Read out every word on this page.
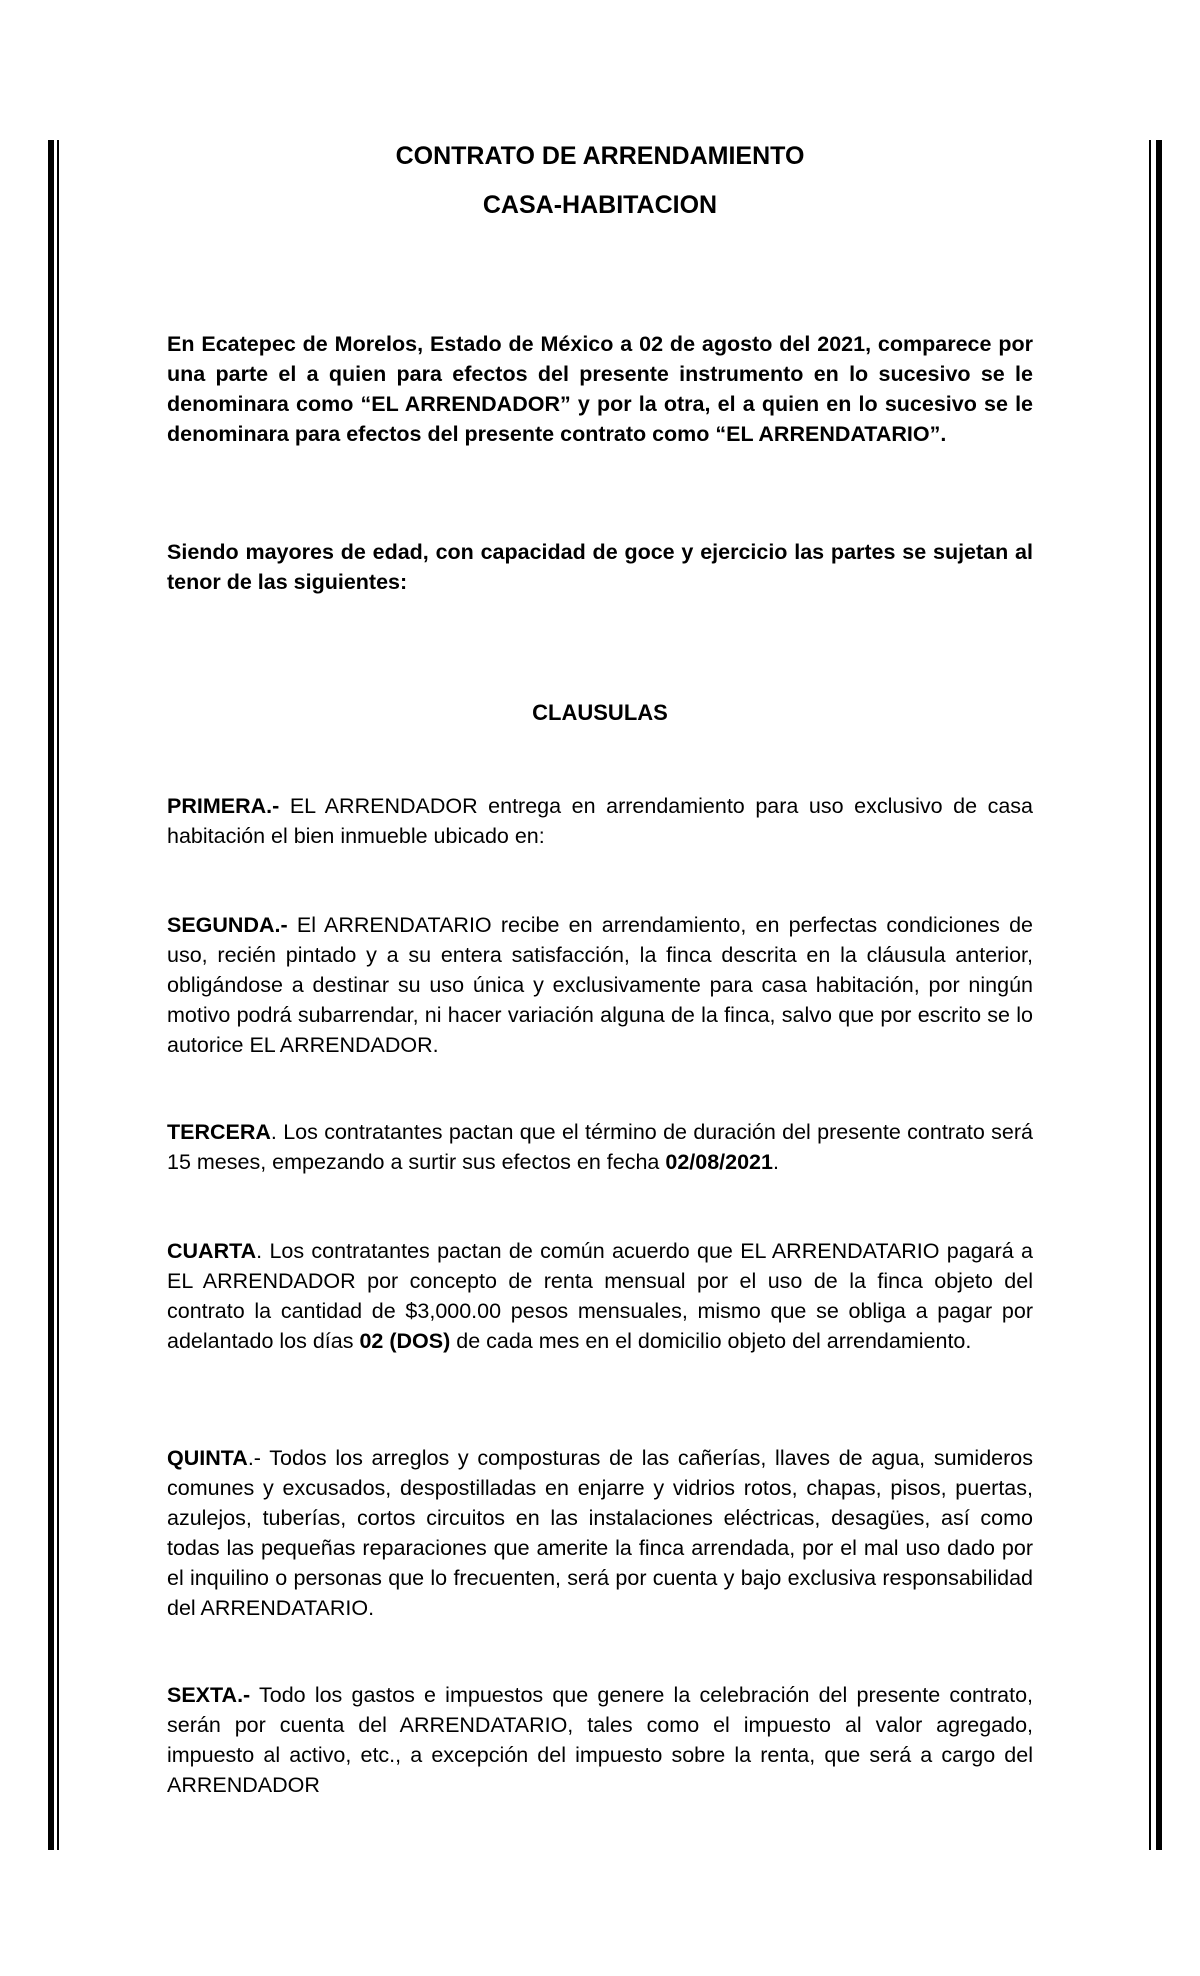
CONTRATO DE ARRENDAMIENTO
CASA-HABITACION
En Ecatepec de Morelos, Estado de México a 02 de agosto del 2021, comparece por una parte el a quien para efectos del presente instrumento en lo sucesivo se le denominara como “EL ARRENDADOR” y por la otra, el a quien en lo sucesivo se le denominara para efectos del presente contrato como “EL ARRENDATARIO”.
Siendo mayores de edad, con capacidad de goce y ejercicio las partes se sujetan al tenor de las siguientes:
CLAUSULAS
PRIMERA.- EL ARRENDADOR entrega en arrendamiento para uso exclusivo de casa habitación el bien inmueble ubicado en:
SEGUNDA.- El ARRENDATARIO recibe en arrendamiento, en perfectas condiciones de uso, recién pintado y a su entera satisfacción, la finca descrita en la cláusula anterior, obligándose a destinar su uso única y exclusivamente para casa habitación, por ningún motivo podrá subarrendar, ni hacer variación alguna de la finca, salvo que por escrito se lo autorice EL ARRENDADOR.
TERCERA. Los contratantes pactan que el término de duración del presente contrato será 15 meses, empezando a surtir sus efectos en fecha 02/08/2021.
CUARTA. Los contratantes pactan de común acuerdo que EL ARRENDATARIO pagará a EL ARRENDADOR por concepto de renta mensual por el uso de la finca objeto del contrato la cantidad de $3,000.00 pesos mensuales, mismo que se obliga a pagar por adelantado los días 02 (DOS) de cada mes en el domicilio objeto del arrendamiento.
QUINTA.- Todos los arreglos y composturas de las cañerías, llaves de agua, sumideros comunes y excusados, despostilladas en enjarre y vidrios rotos, chapas, pisos, puertas, azulejos, tuberías, cortos circuitos en las instalaciones eléctricas, desagües, así como todas las pequeñas reparaciones que amerite la finca arrendada, por el mal uso dado por el inquilino o personas que lo frecuenten, será por cuenta y bajo exclusiva responsabilidad del ARRENDATARIO.
SEXTA.- Todo los gastos e impuestos que genere la celebración del presente contrato, serán por cuenta del ARRENDATARIO, tales como el impuesto al valor agregado, impuesto al activo, etc., a excepción del impuesto sobre la renta, que será a cargo del ARRENDADOR
